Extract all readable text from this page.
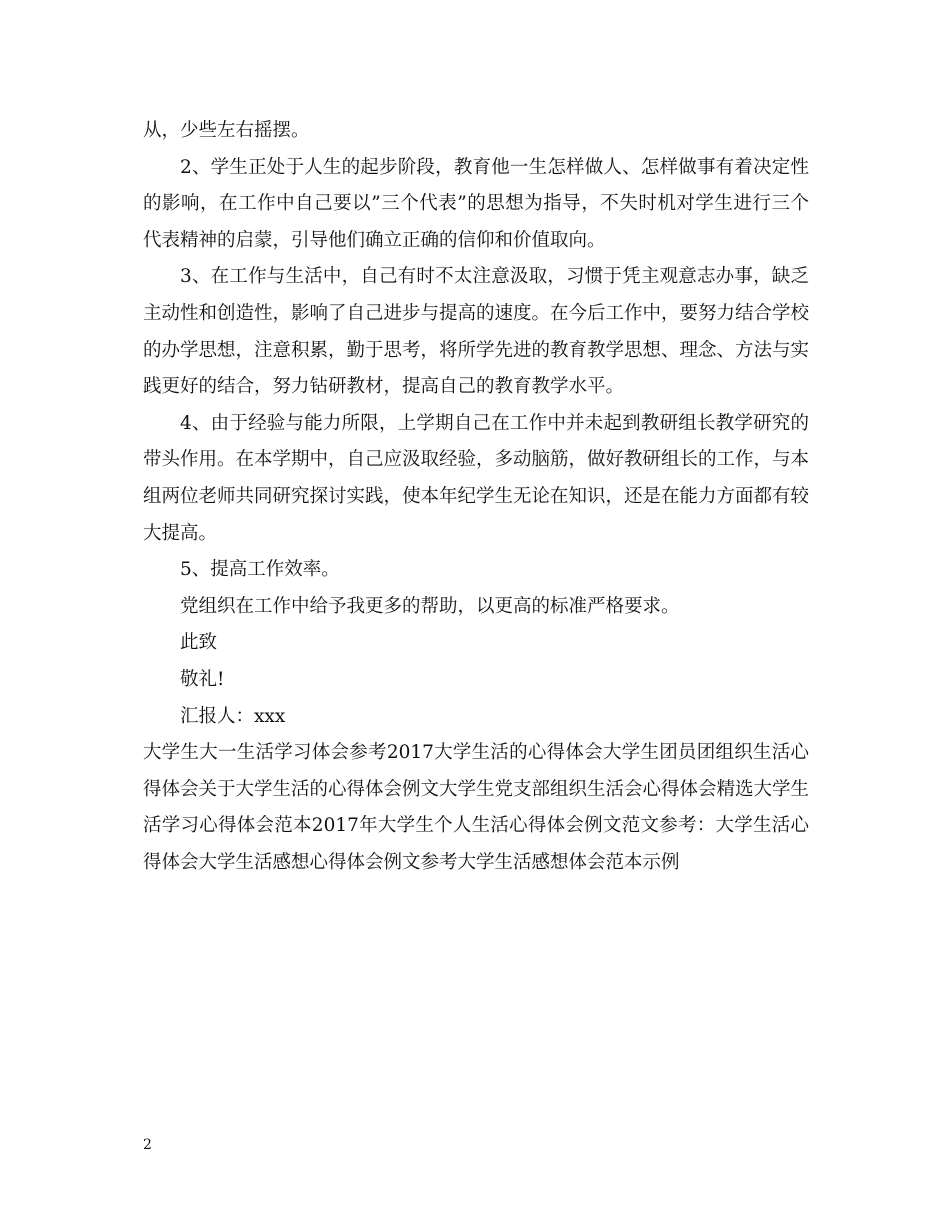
从，少些左右摇摆。

2、学生正处于人生的起步阶段，教育他一生怎样做人、怎样做事有着决定性的影响，在工作中自己要以”三个代表”的思想为指导，不失时机对学生进行三个代表精神的启蒙，引导他们确立正确的信仰和价值取向。

3、在工作与生活中，自己有时不太注意汲取，习惯于凭主观意志办事，缺乏主动性和创造性，影响了自己进步与提高的速度。在今后工作中，要努力结合学校的办学思想，注意积累，勤于思考，将所学先进的教育教学思想、理念、方法与实践更好的结合，努力钻研教材，提高自己的教育教学水平。

4、由于经验与能力所限，上学期自己在工作中并未起到教研组长教学研究的带头作用。在本学期中，自己应汲取经验，多动脑筋，做好教研组长的工作，与本组两位老师共同研究探讨实践，使本年纪学生无论在知识，还是在能力方面都有较大提高。

5、提高工作效率。

党组织在工作中给予我更多的帮助，以更高的标准严格要求。

此致

敬礼!

汇报人：xxx

大学生大一生活学习体会参考2017大学生活的心得体会大学生团员团组织生活心得体会关于大学生活的心得体会例文大学生党支部组织生活会心得体会精选大学生活学习心得体会范本2017年大学生个人生活心得体会例文范文参考：大学生活心得体会大学生活感想心得体会例文参考大学生活感想体会范本示例

2
